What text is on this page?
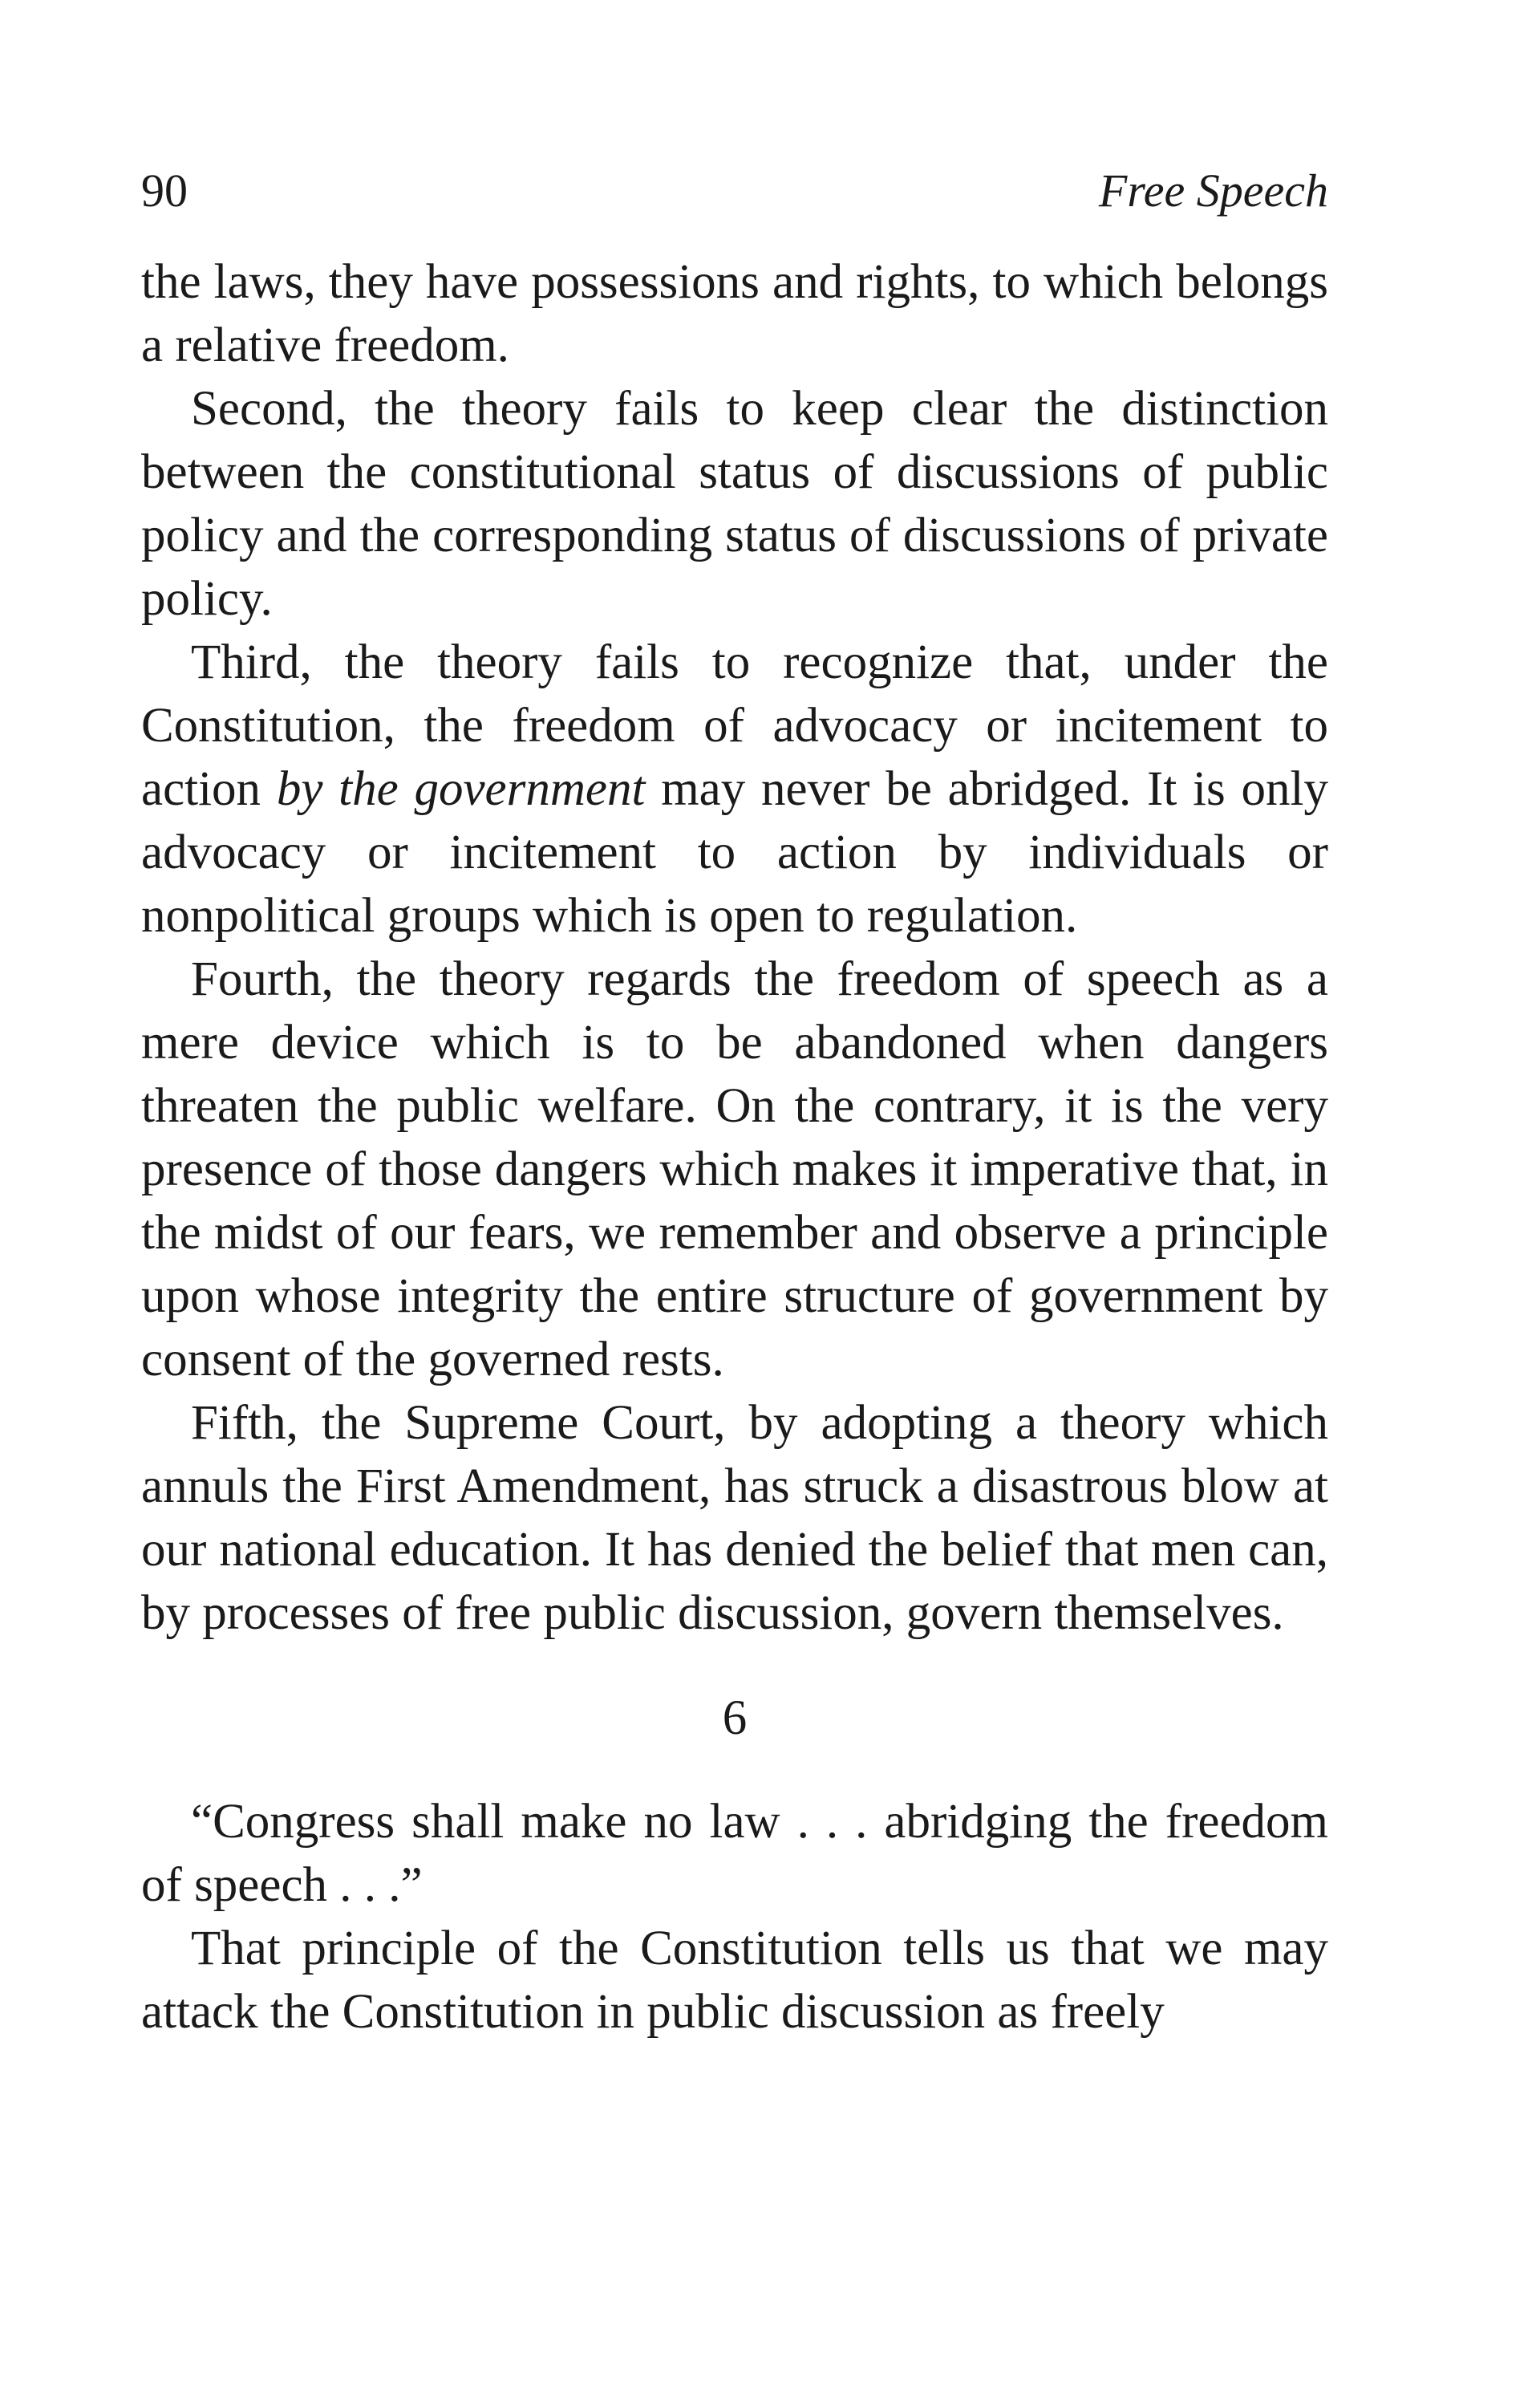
90	Free Speech

the laws, they have possessions and rights, to which belongs a relative freedom.

Second, the theory fails to keep clear the distinction between the constitutional status of discussions of public policy and the corresponding status of discussions of private policy.

Third, the theory fails to recognize that, under the Constitution, the freedom of advocacy or incitement to action by the government may never be abridged. It is only advocacy or incitement to action by individuals or nonpolitical groups which is open to regulation.

Fourth, the theory regards the freedom of speech as a mere device which is to be abandoned when dangers threaten the public welfare. On the contrary, it is the very presence of those dangers which makes it imperative that, in the midst of our fears, we remember and observe a principle upon whose integrity the entire structure of government by consent of the governed rests.

Fifth, the Supreme Court, by adopting a theory which annuls the First Amendment, has struck a disastrous blow at our national education. It has denied the belief that men can, by processes of free public discussion, govern themselves.

6

“Congress shall make no law . . . abridging the freedom of speech . . .”

That principle of the Constitution tells us that we may attack the Constitution in public discussion as freely
